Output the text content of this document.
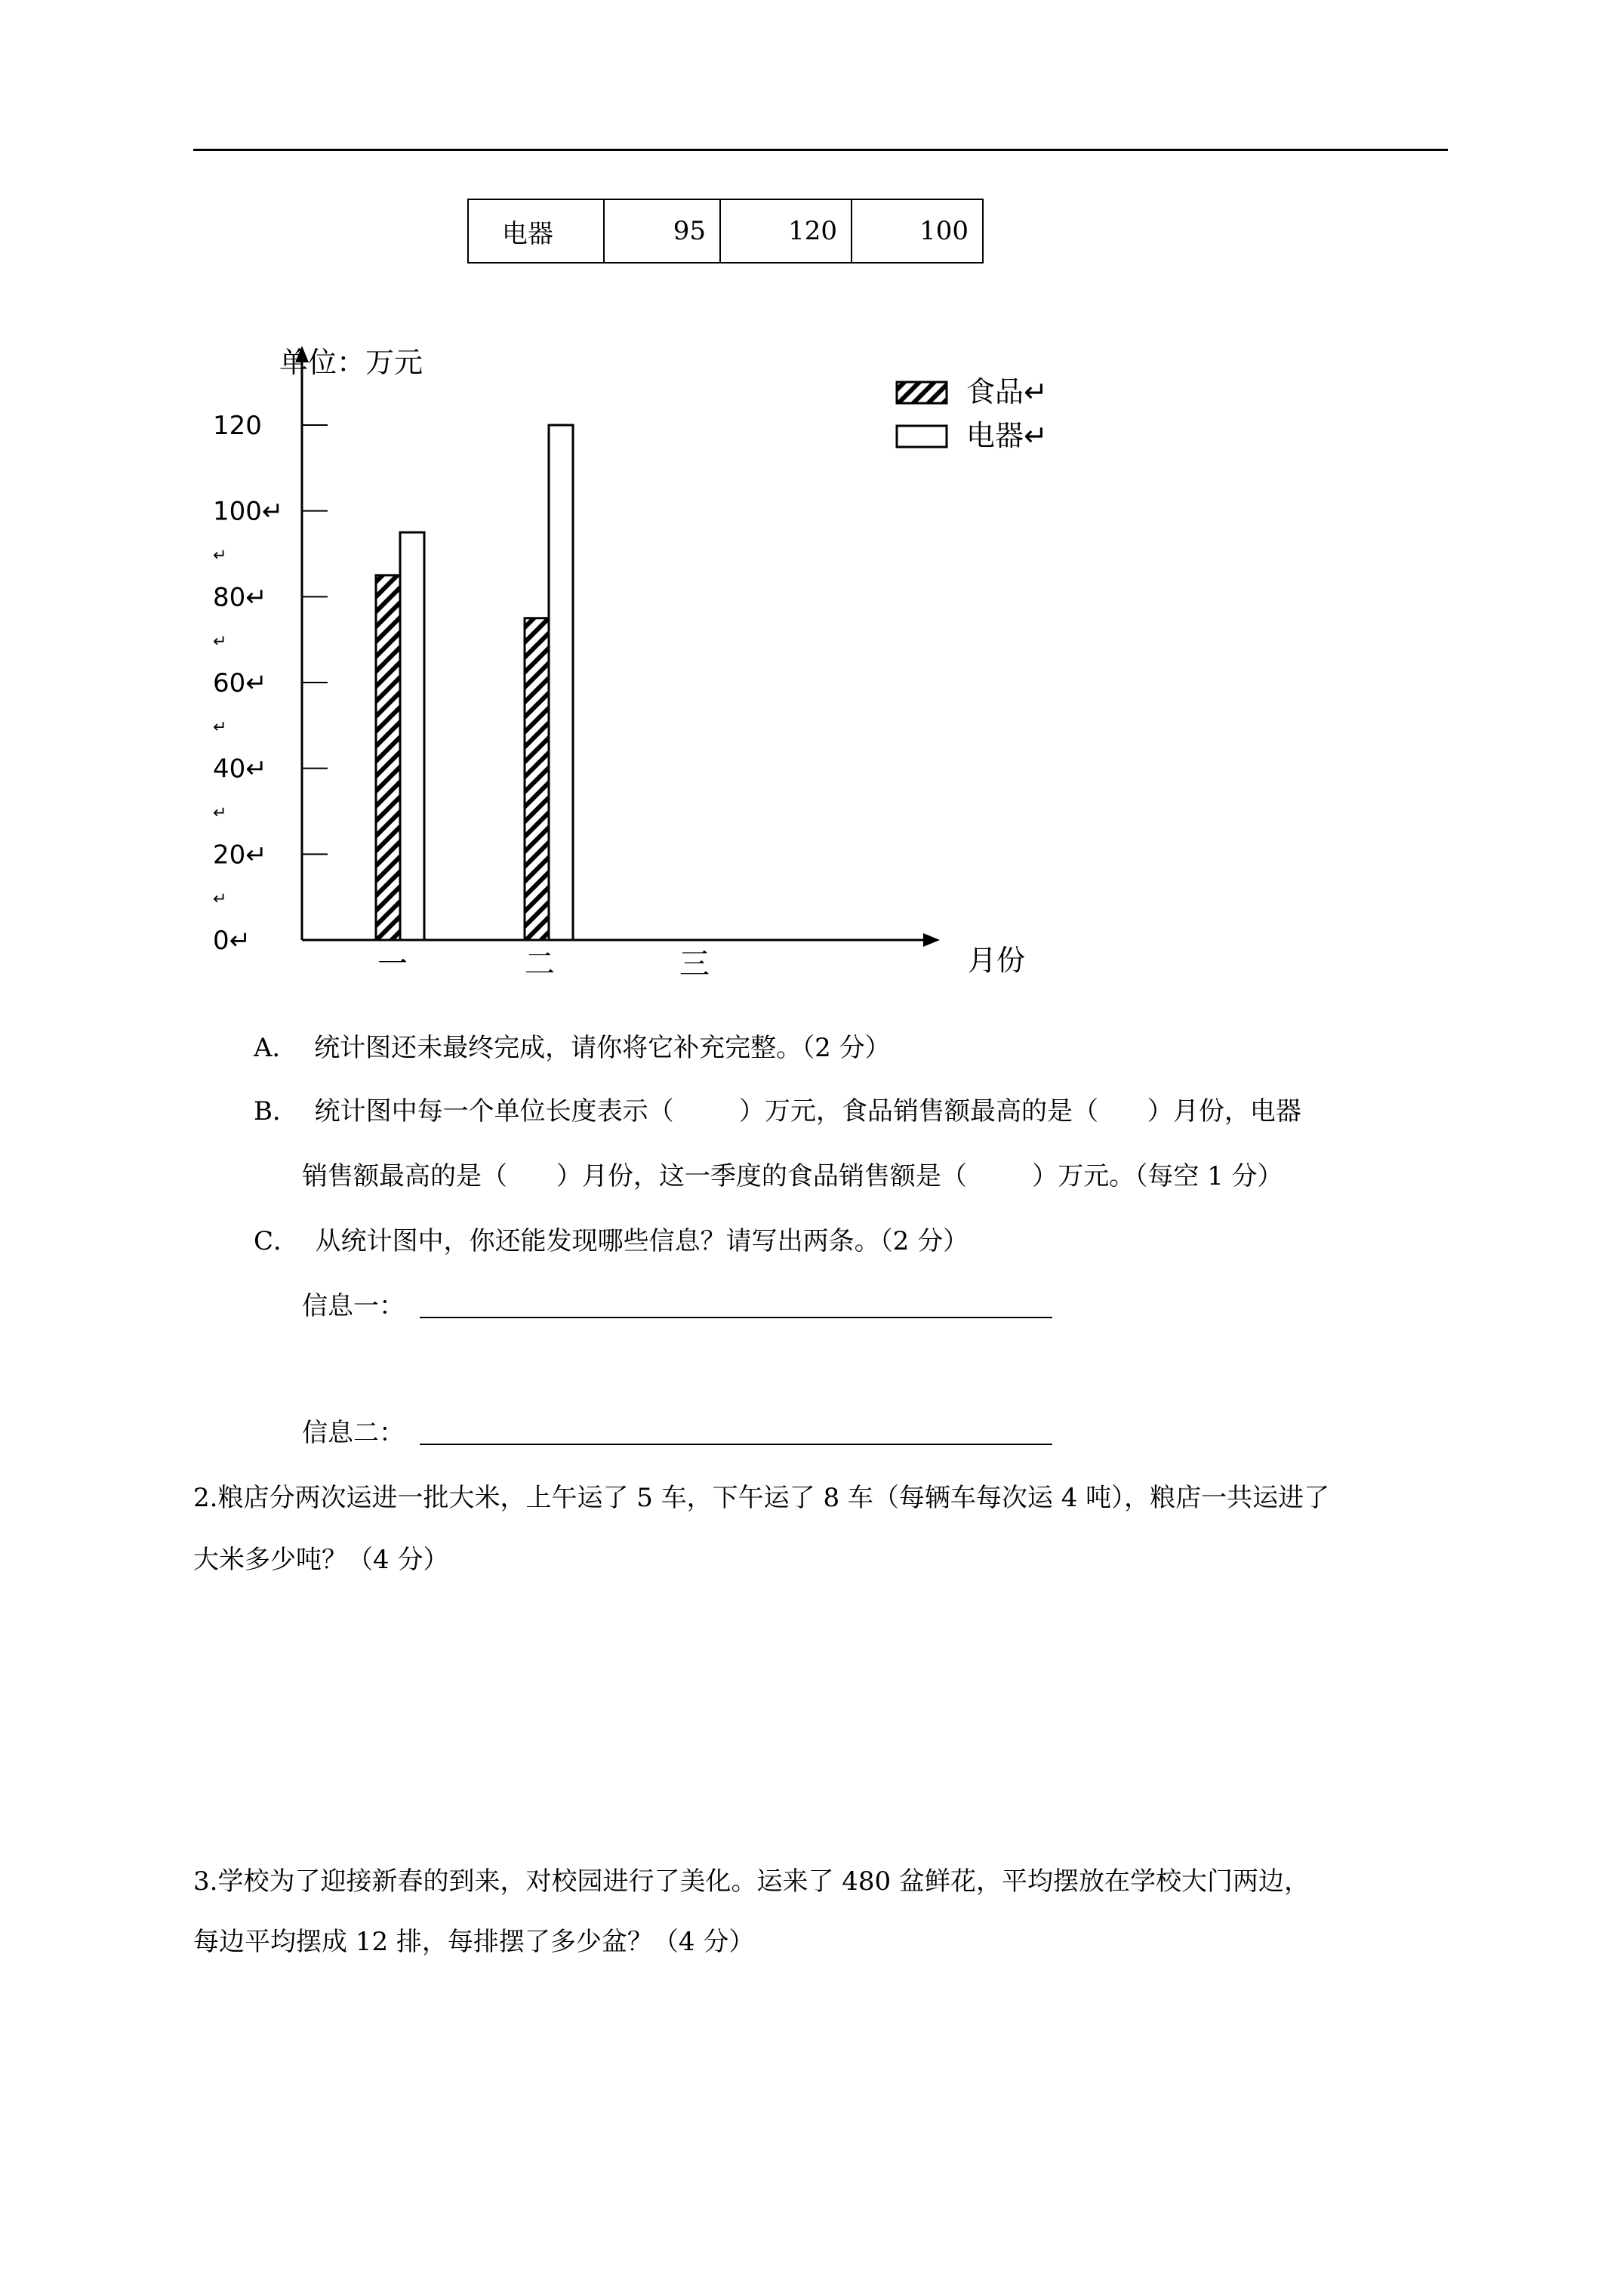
电器	95	120	100
单位：万元
月份
0↵
20↵
↵
40↵
↵
60↵
↵
80↵
↵
100↵
↵
120
一	二	三
食品↵
电器↵
A．  统计图还未最终完成，请你将它补充完整。（2 分）
B．  统计图中每一个单位长度表示（        ）万元，食品销售额最高的是（      ）月份，电器
销售额最高的是（      ）月份，这一季度的食品销售额是（        ）万元。（每空 1 分）
C．  从统计图中，你还能发现哪些信息？请写出两条。（2 分）
信息一：
信息二：
2.粮店分两次运进一批大米，上午运了 5 车，下午运了 8 车（每辆车每次运 4 吨），粮店一共运进了
大米多少吨？（4 分）
3.学校为了迎接新春的到来，对校园进行了美化。运来了 480 盆鲜花，平均摆放在学校大门两边，
每边平均摆成 12 排，每排摆了多少盆？（4 分）
